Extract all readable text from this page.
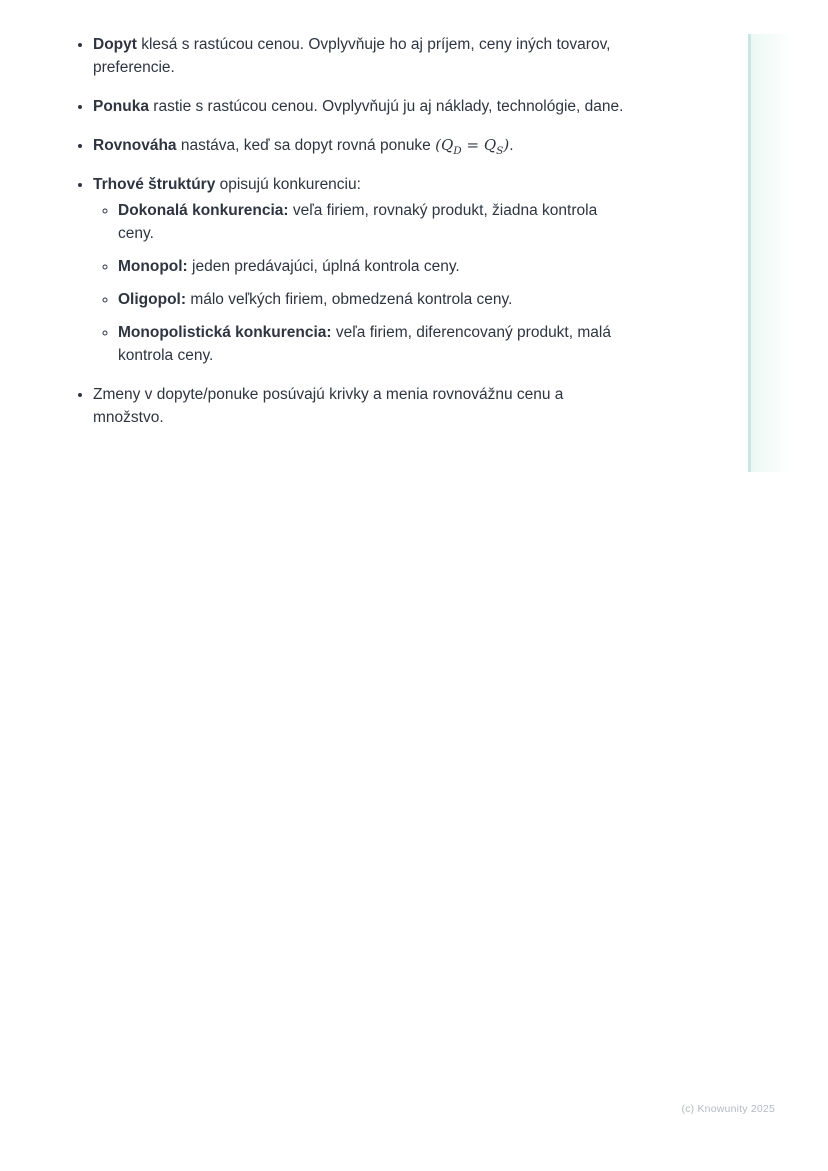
• Dopyt klesá s rastúcou cenou. Ovplyvňuje ho aj príjem, ceny iných tovarov,
preferencie.
• Ponuka rastie s rastúcou cenou. Ovplyvňujú ju aj náklady, technológie, dane.
• Rovnováha nastáva, keď sa dopyt rovná ponuke $(Q_D = Q_S)$.
• Trhové štruktúry opisujú konkurenciu:
◦ Dokonalá konkurencia: veľa firiem, rovnaký produkt, žiadna kontrola
ceny.
◦ Monopol: jeden predávajúci, úplná kontrola ceny.
◦ Oligopol: málo veľkých firiem, obmedzená kontrola ceny.
◦ Monopolistická konkurencia: veľa firiem, diferencovaný produkt, malá
kontrola ceny.
• Zmeny v dopyte/ponuke posúvajú krivky a menia rovnovážnu cenu a
množstvo.
(c) Knowunity 2025
